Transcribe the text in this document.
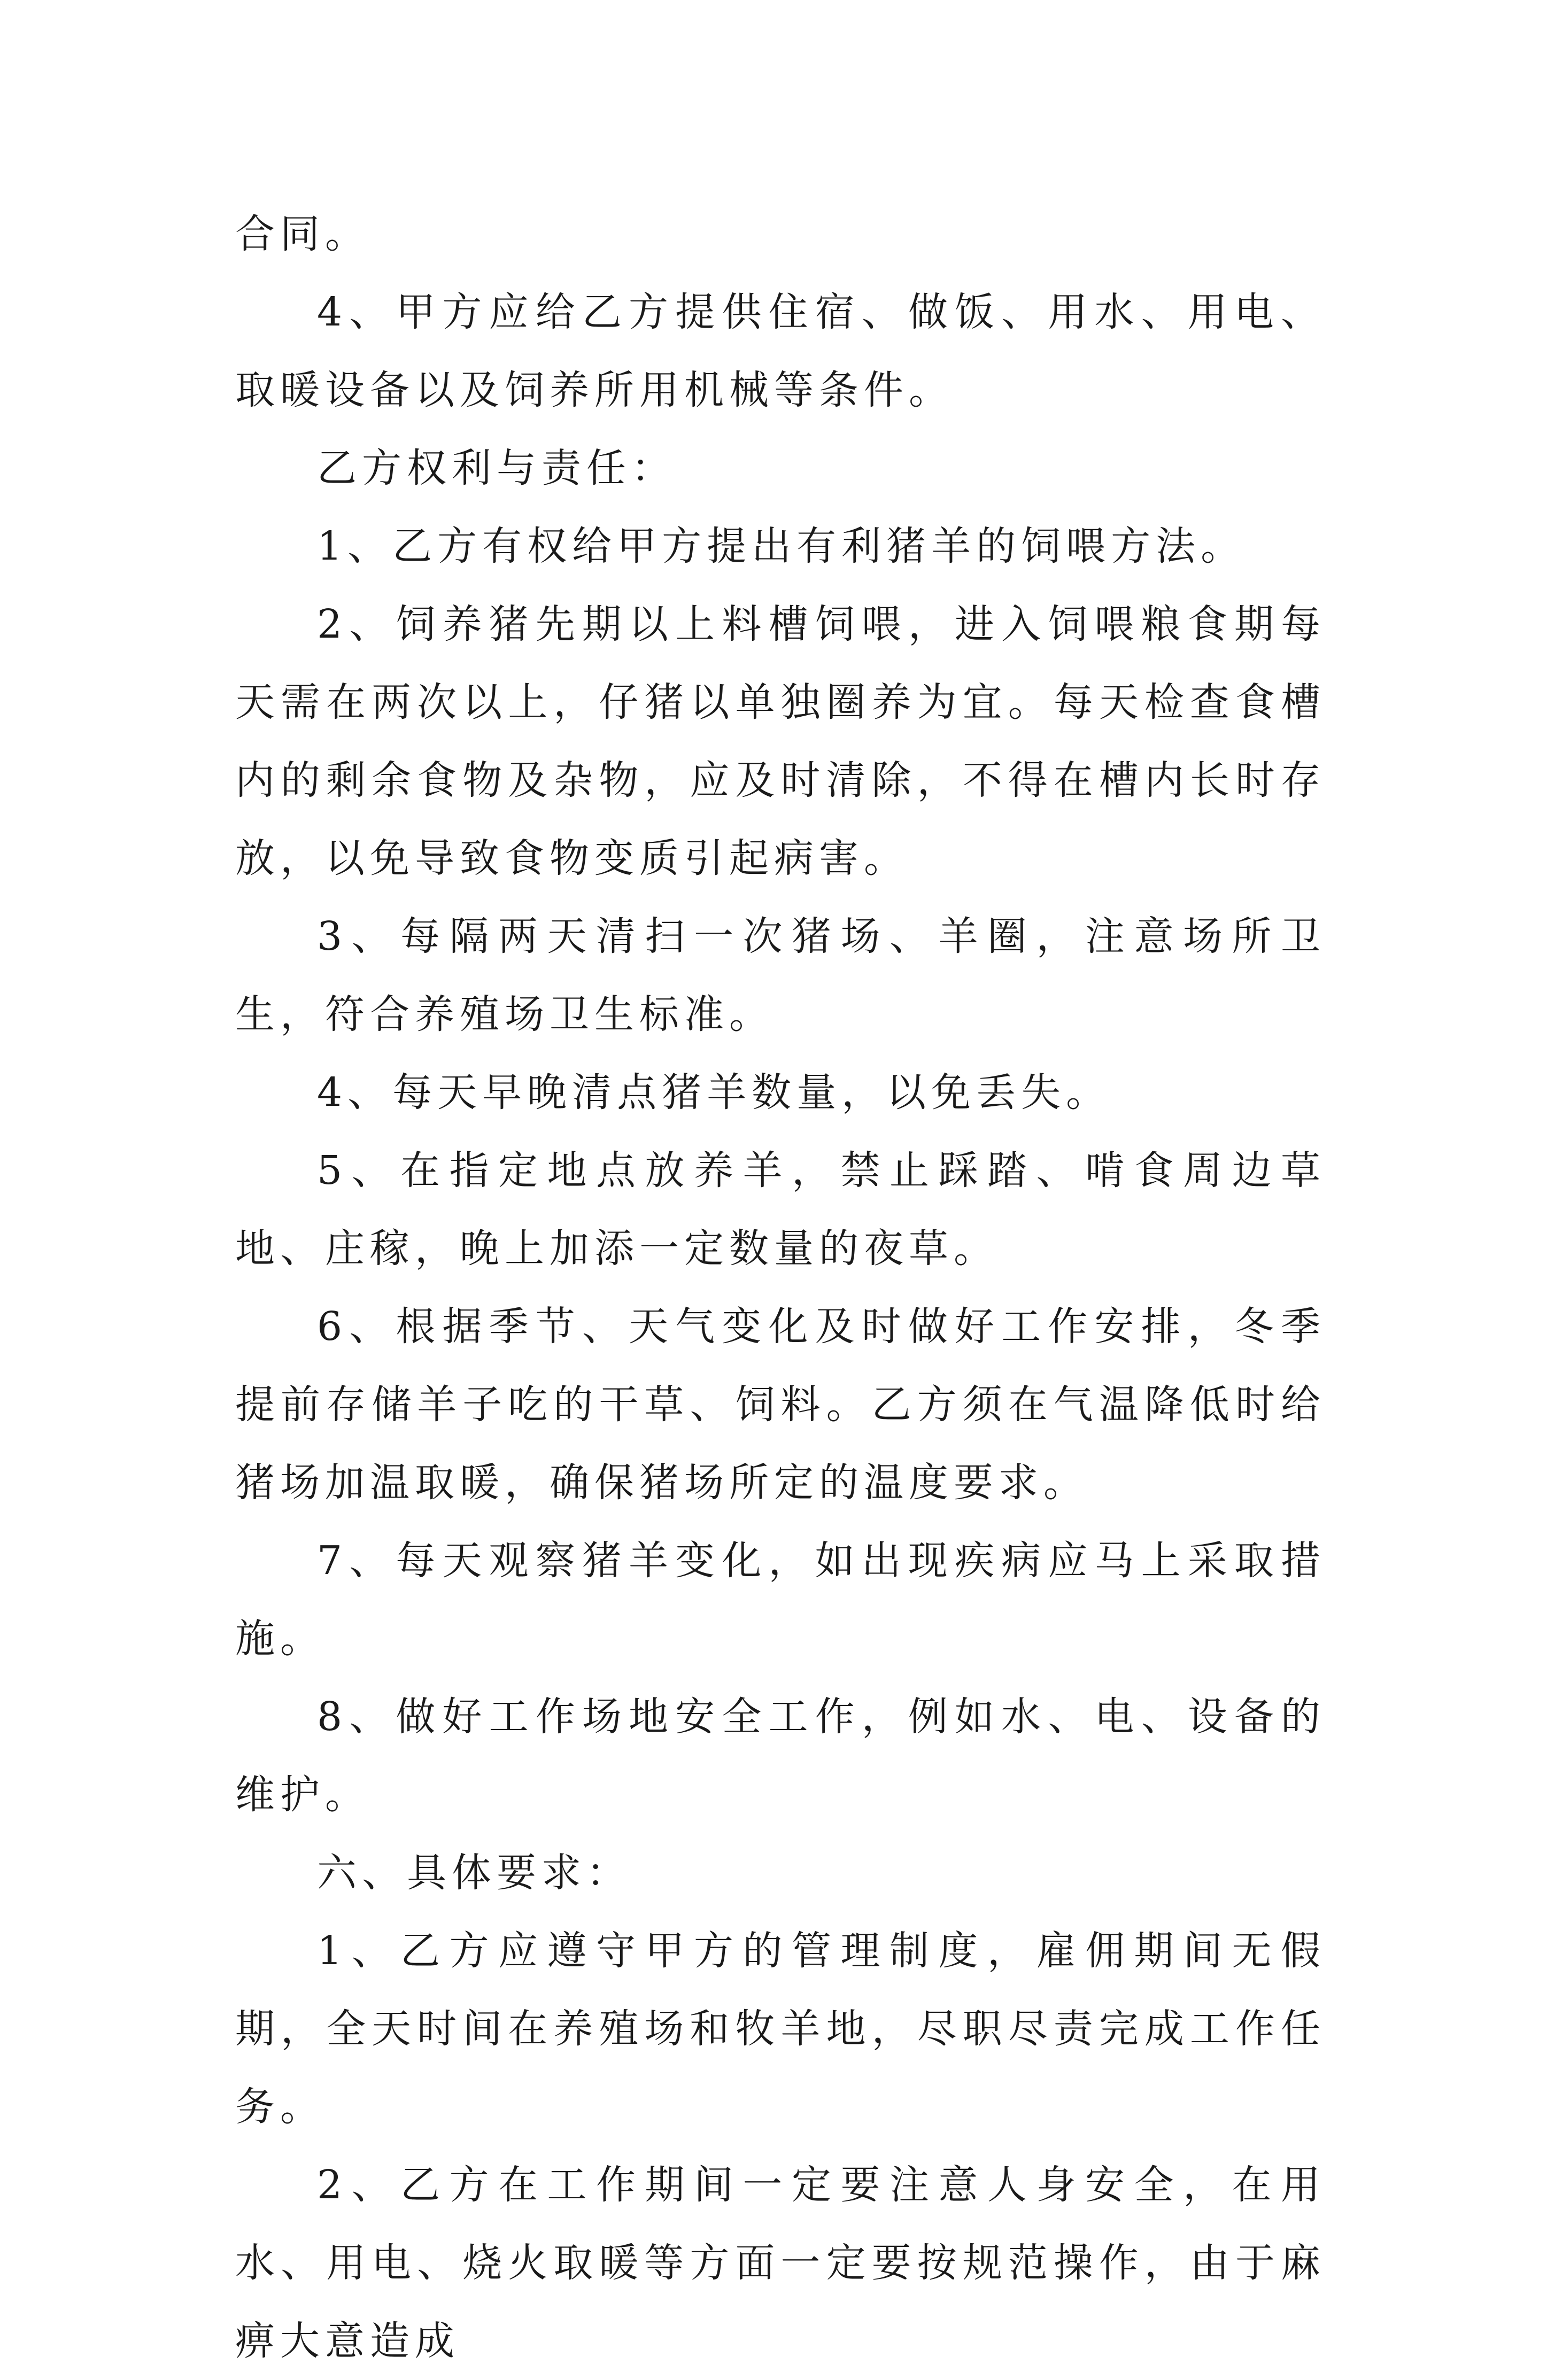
合同。

4、甲方应给乙方提供住宿、做饭、用水、用电、取暖设备以及饲养所用机械等条件。

乙方权利与责任：

1、乙方有权给甲方提出有利猪羊的饲喂方法。

2、饲养猪先期以上料槽饲喂，进入饲喂粮食期每天需在两次以上，仔猪以单独圈养为宜。每天检查食槽内的剩余食物及杂物，应及时清除，不得在槽内长时存放，以免导致食物变质引起病害。

3、每隔两天清扫一次猪场、羊圈，注意场所卫生，符合养殖场卫生标准。

4、每天早晚清点猪羊数量，以免丢失。

5、在指定地点放养羊，禁止踩踏、啃食周边草地、庄稼，晚上加添一定数量的夜草。

6、根据季节、天气变化及时做好工作安排，冬季提前存储羊子吃的干草、饲料。乙方须在气温降低时给猪场加温取暖，确保猪场所定的温度要求。

7、每天观察猪羊变化，如出现疾病应马上采取措施。

8、做好工作场地安全工作，例如水、电、设备的维护。

六、具体要求：

1、乙方应遵守甲方的管理制度，雇佣期间无假期，全天时间在养殖场和牧羊地，尽职尽责完成工作任务。

2、乙方在工作期间一定要注意人身安全，在用水、用电、烧火取暖等方面一定要按规范操作，由于麻痹大意造成
